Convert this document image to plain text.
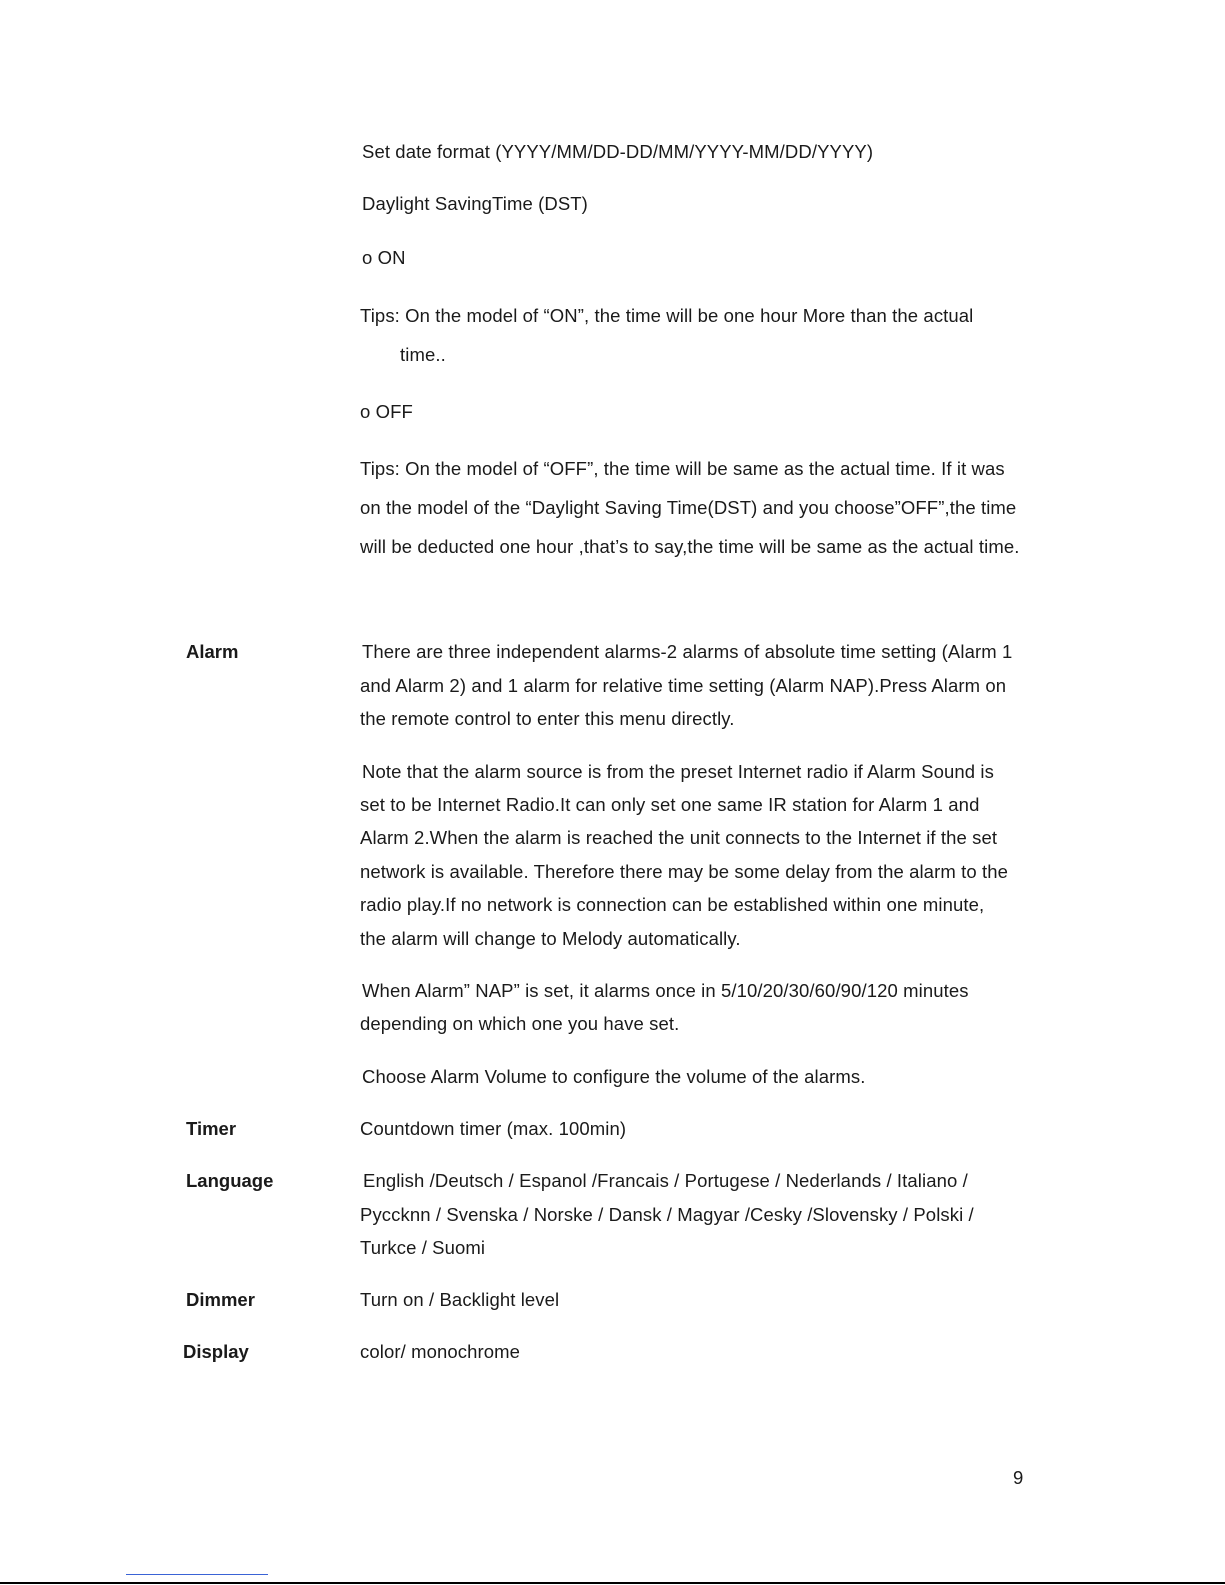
Set date format (YYYY/MM/DD-DD/MM/YYYY-MM/DD/YYYY)
Daylight SavingTime (DST)
o ON
Tips: On the model of “ON”, the time will be one hour More than the actual
time..
o OFF
Tips: On the model of “OFF”, the time will be same as the actual time. If it was
on the model of the “Daylight Saving Time(DST) and you choose”OFF”,the time
will be deducted one hour ,that’s to say,the time will be same as the actual time.
Alarm	There are three independent alarms-2 alarms of absolute time setting (Alarm 1
and Alarm 2) and 1 alarm for relative time setting (Alarm NAP).Press Alarm on
the remote control to enter this menu directly.
Note that the alarm source is from the preset Internet radio if Alarm Sound is
set to be Internet Radio.It can only set one same IR station for Alarm 1 and
Alarm 2.When the alarm is reached the unit connects to the Internet if the set
network is available. Therefore there may be some delay from the alarm to the
radio play.If no network is connection can be established within one minute,
the alarm will change to Melody automatically.
When Alarm” NAP” is set, it alarms once in 5/10/20/30/60/90/120 minutes
depending on which one you have set.
Choose Alarm Volume to configure the volume of the alarms.
Timer	Countdown timer (max. 100min)
Language	English /Deutsch / Espanol /Francais / Portugese / Nederlands / Italiano /
Pyccknn / Svenska / Norske / Dansk / Magyar /Cesky /Slovensky / Polski /
Turkce / Suomi
Dimmer	Turn on / Backlight level
Display	color/ monochrome
9
